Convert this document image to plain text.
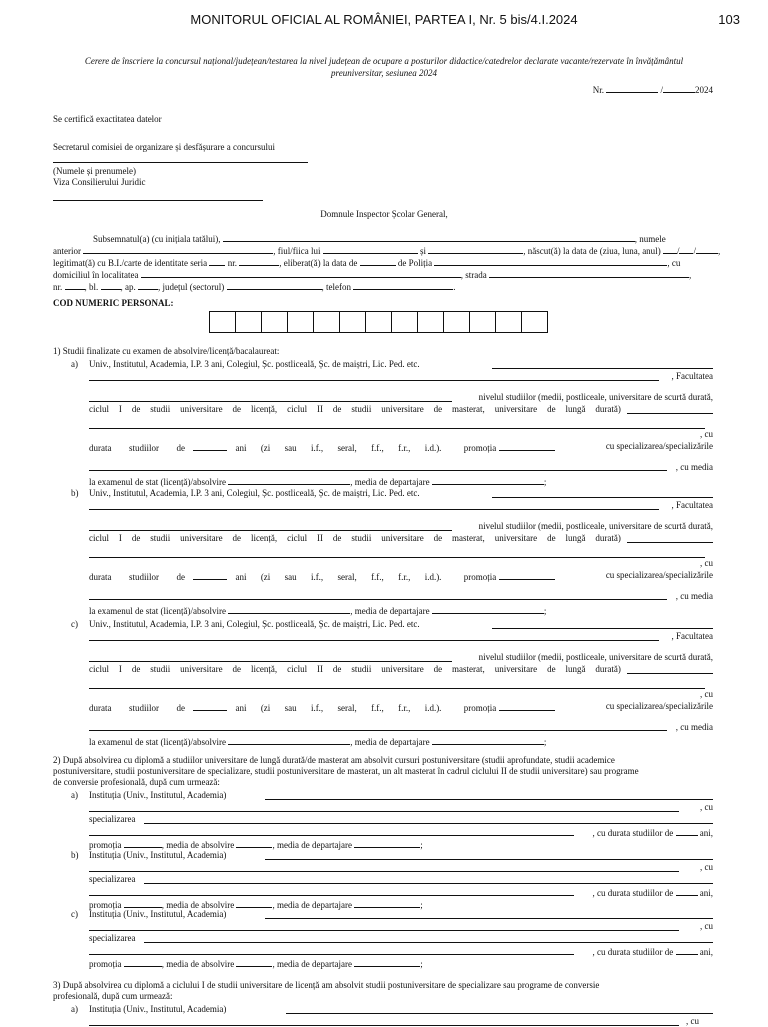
MONITORUL OFICIAL AL ROMÂNIEI, PARTEA I, Nr. 5 bis/4.I.2024	103
Cerere de înscriere la concursul național/județean/testarea la nivel județean de ocupare a posturilor didactice/catedrelor declarate vacante/rezervate în învățământul preuniversitar, sesiunea 2024
Nr.	/	2024
Se certifică exactitatea datelor
Secretarul comisiei de organizare și desfășurare a concursului
(Numele și prenumele)
Viza Consilierului Juridic
Domnule Inspector Școlar General,
Subsemnatul(a) (cu inițiala tatălui),	, numele
anterior	, fiul/fiica lui	și	, născut(ă) la data de (ziua, luna, anul) / / ,
legitimat(ă) cu B.I./carte de identitate seria nr.	, eliberat(ă) la data de	de Poliția	, cu
domiciliul în localitatea	, strada	,
nr. , bl. , ap. , județul (sectorul)	, telefon	.
COD NUMERIC PERSONAL:
1) Studii finalizate cu examen de absolvire/licență/bacalaureat:
a) Univ., Institutul, Academia, I.P. 3 ani, Colegiul, Șc. postliceală, Șc. de maiștri, Lic. Ped. etc.
, Facultatea
nivelul studiilor (medii, postliceale, universitare de scurtă durată,
ciclul I de studii universitare de licență, ciclul II de studii universitare de masterat, universitare de lungă durată)
, cu
durata studiilor de
	ani (zi sau i.f., seral, f.f., f.r., i.d.). promoția	cu specializarea/specializările
, cu media
la examenul de stat (licență)/absolvire	, media de departajare	;
b) Univ., Institutul, Academia, I.P. 3 ani, Colegiul, Șc. postliceală, Șc. de maiștri, Lic. Ped. etc.
, Facultatea
nivelul studiilor (medii, postliceale, universitare de scurtă durată,
ciclul I de studii universitare de licență, ciclul II de studii universitare de masterat, universitare de lungă durată)
, cu
durata studiilor de
	ani (zi sau i.f., seral, f.f., f.r., i.d.). promoția	cu specializarea/specializările
, cu media
la examenul de stat (licență)/absolvire	, media de departajare	;
c) Univ., Institutul, Academia, I.P. 3 ani, Colegiul, Șc. postliceală, Șc. de maiștri, Lic. Ped. etc.
, Facultatea
nivelul studiilor (medii, postliceale, universitare de scurtă durată,
ciclul I de studii universitare de licență, ciclul II de studii universitare de masterat, universitare de lungă durată)
, cu
durata studiilor de
	ani (zi sau i.f., seral, f.f., f.r., i.d.). promoția	cu specializarea/specializările
, cu media
la examenul de stat (licență)/absolvire	, media de departajare	;
2) După absolvirea cu diplomă a studiilor universitare de lungă durată/de masterat am absolvit cursuri postuniversitare (studii aprofundate, studii academice
postuniversitare, studii postuniversitare de specializare, studii postuniversitare de masterat, un alt masterat în cadrul ciclului II de studii universitare) sau programe
de conversie profesională, după cum urmează:
a) Instituția (Univ., Institutul, Academia)
, cu
specializarea
, cu durata studiilor de	ani,
promoția	, media de absolvire	, media de departajare	;
b) Instituția (Univ., Institutul, Academia)
, cu
specializarea
, cu durata studiilor de	ani,
promoția	, media de absolvire	, media de departajare	;
c) Instituția (Univ., Institutul, Academia)
, cu
specializarea
, cu durata studiilor de	ani,
promoția	, media de absolvire	, media de departajare	;
3) După absolvirea cu diplomă a ciclului I de studii universitare de licență am absolvit studii postuniversitare de specializare sau programe de conversie
profesională, după cum urmează:
a) Instituția (Univ., Institutul, Academia)
, cu
